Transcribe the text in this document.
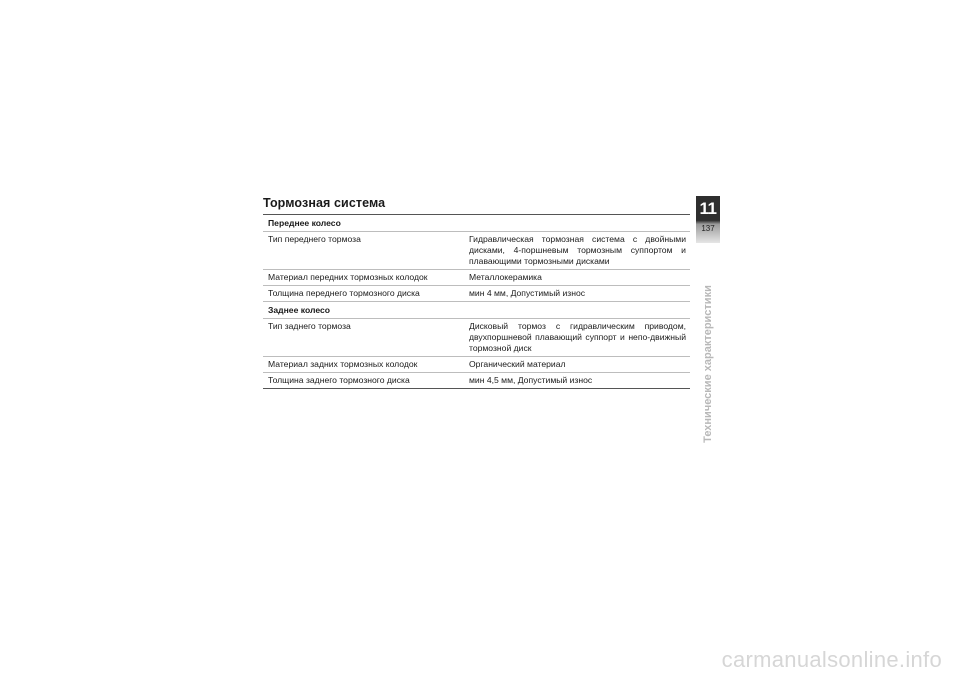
Тормозная система
Переднее колесо
Тип переднего тормоза	Гидравлическая тормозная система с двойными дисками, 4-поршневым тормозным суппортом и плавающими тормозными дисками
Материал передних тормозных колодок	Металлокерамика
Толщина переднего тормозного диска	мин 4 мм, Допустимый износ
Заднее колесо
Тип заднего тормоза	Дисковый тормоз с гидравлическим приводом, двухпоршневой плавающий суппорт и непо-движный тормозной диск
Материал задних тормозных колодок	Органический материал
Толщина заднего тормозного диска	мин 4,5 мм, Допустимый износ
11
137
Технические характеристики
carmanualsonline.info
